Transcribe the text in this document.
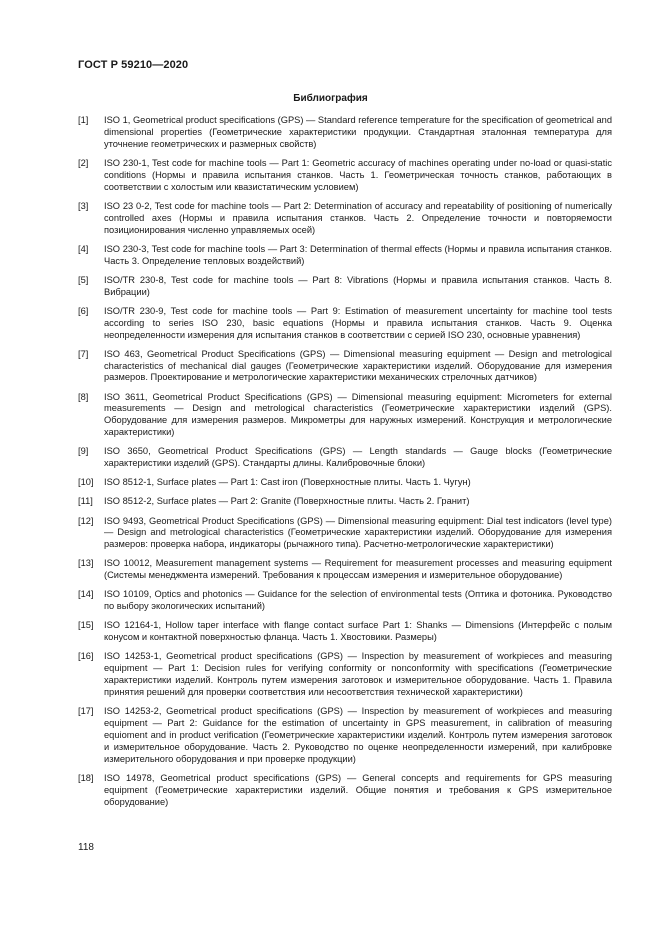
ГОСТ Р 59210—2020
Библиография
[1]	ISO 1, Geometrical product specifications (GPS) — Standard reference temperature for the specification of geometrical and dimensional properties (Геометрические характеристики продукции. Стандартная эталонная температура для уточнение геометрических и размерных свойств)
[2]	ISO 230-1, Test code for machine tools — Part 1: Geometric accuracy of machines operating under no-load or quasi-static conditions (Нормы и правила испытания станков. Часть 1. Геометрическая точность станков, работающих в соответствии с холостым или квазистатическим условием)
[3]	ISO 23 0-2, Test code for machine tools — Part 2: Determination of accuracy and repeatability of positioning of numerically controlled axes (Нормы и правила испытания станков. Часть 2. Определение точности и повторяемости позиционирования численно управляемых осей)
[4]	ISO 230-3, Test code for machine tools — Part 3: Determination of thermal effects (Нормы и правила испытания станков. Часть 3. Определение тепловых воздействий)
[5]	ISO/TR 230-8, Test code for machine tools — Part 8: Vibrations (Нормы и правила испытания станков. Часть 8. Вибрации)
[6]	ISO/TR 230-9, Test code for machine tools — Part 9: Estimation of measurement uncertainty for machine tool tests according to series ISO 230, basic equations (Нормы и правила испытания станков. Часть 9. Оценка неопределенности измерения для испытания станков в соответствии с серией ISO 230, основные уравнения)
[7]	ISO 463, Geometrical Product Specifications (GPS) — Dimensional measuring equipment — Design and metrological characteristics of mechanical dial gauges (Геометрические характеристики изделий. Оборудование для измерения размеров. Проектирование и метрологические характеристики механических стрелочных датчиков)
[8]	ISO 3611, Geometrical Product Specifications (GPS) — Dimensional measuring equipment: Micrometers for external measurements — Design and metrological characteristics (Геометрические характеристики изделий (GPS). Оборудование для измерения размеров. Микрометры для наружных измерений. Конструкция и метрологические характеристики)
[9]	ISO 3650, Geometrical Product Specifications (GPS) — Length standards — Gauge blocks (Геометрические характеристики изделий (GPS). Стандарты длины. Калибровочные блоки)
[10]	ISO 8512-1, Surface plates — Part 1: Cast iron (Поверхностные плиты. Часть 1. Чугун)
[11]	ISO 8512-2, Surface plates — Part 2: Granite (Поверхностные плиты. Часть 2. Гранит)
[12]	ISO 9493, Geometrical Product Specifications (GPS) — Dimensional measuring equipment: Dial test indicators (level type) — Design and metrological characteristics (Геометрические характеристики изделий. Оборудование для измерения размеров: проверка набора, индикаторы (рычажного типа). Расчетно-метрологические характеристики)
[13]	ISO 10012, Measurement management systems — Requirement for measurement processes and measuring equipment (Системы менеджмента измерений. Требования к процессам измерения и измерительное оборудование)
[14]	ISO 10109, Optics and photonics — Guidance for the selection of environmental tests (Оптика и фотоника. Руководство по выбору экологических испытаний)
[15]	ISO 12164-1, Hollow taper interface with flange contact surface Part 1: Shanks — Dimensions (Интерфейс с полым конусом и контактной поверхностью фланца. Часть 1. Хвостовики. Размеры)
[16]	ISO 14253-1, Geometrical product specifications (GPS) — Inspection by measurement of workpieces and measuring equipment — Part 1: Decision rules for verifying conformity or nonconformity with specifications (Геометрические характеристики изделий. Контроль путем измерения заготовок и измерительное оборудование. Часть 1. Правила принятия решений для проверки соответствия или несоответствия технической характеристики)
[17]	ISO 14253-2, Geometrical product specifications (GPS) — Inspection by measurement of workpieces and measuring equipment — Part 2: Guidance for the estimation of uncertainty in GPS measurement, in calibration of measuring equiоment and in product verification (Геометрические характеристики изделий. Контроль путем измерения заготовок и измерительное оборудование. Часть 2. Руководство по оценке неопределенности измерений, при калибровке измерительного оборудования и при проверке продукции)
[18]	ISO 14978, Geometrical product specifications (GPS) — General concepts and requirements for GPS measuring equipment (Геометрические характеристики изделий. Общие понятия и требования к GPS измерительное оборудование)
118
